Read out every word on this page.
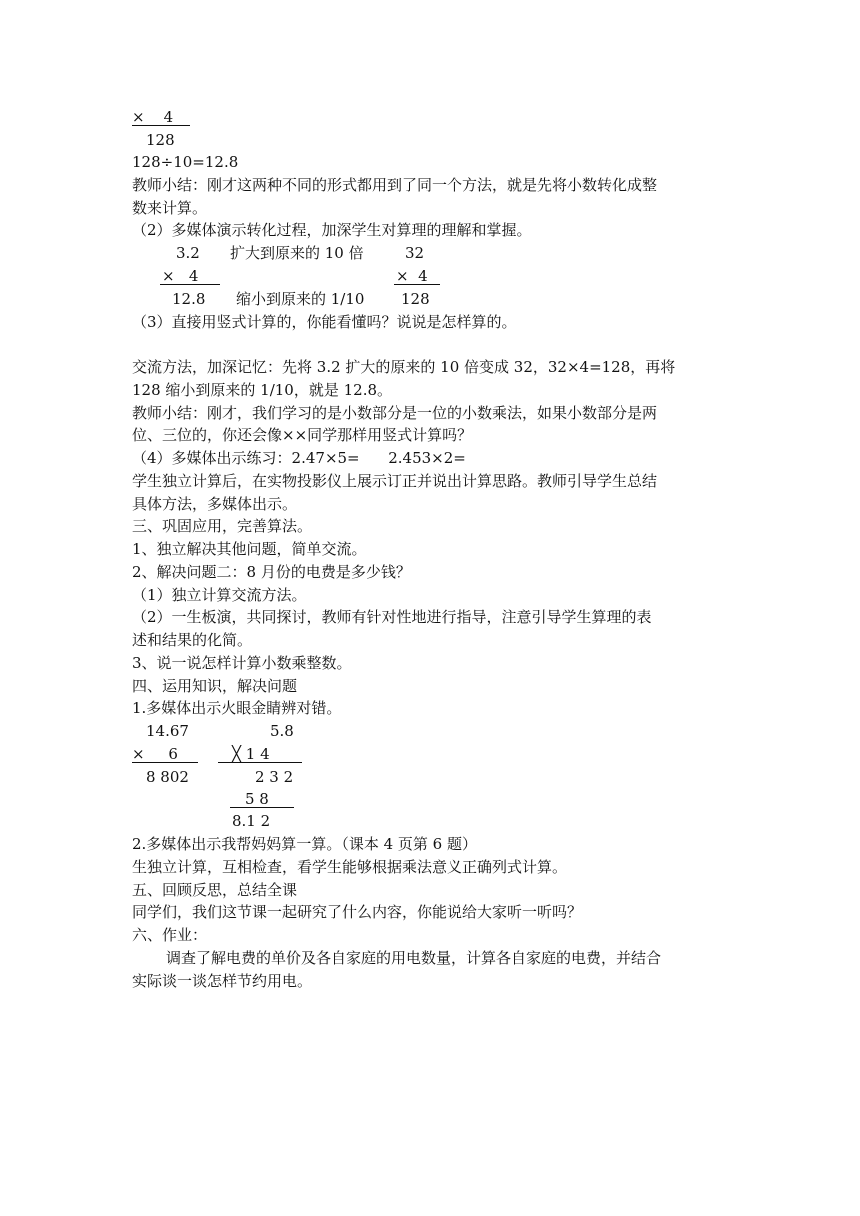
×    4
128
128÷10=12.8
教师小结：刚才这两种不同的形式都用到了同一个方法，就是先将小数转化成整
数来计算。
（2）多媒体演示转化过程，加深学生对算理的理解和掌握。
3.2 扩大到原来的 10 倍	32
×   4	×  4
12.8 缩小到原来的 1/10 128
（3）直接用竖式计算的，你能看懂吗？说说是怎样算的。
交流方法，加深记忆：先将 3.2 扩大的原来的 10 倍变成 32，32×4=128，再将
128 缩小到原来的 1/10，就是 12.8。
教师小结：刚才，我们学习的是小数部分是一位的小数乘法，如果小数部分是两
位、三位的，你还会像××同学那样用竖式计算吗？
（4）多媒体出示练习：2.47×5=      2.453×2=
学生独立计算后，在实物投影仪上展示订正并说出计算思路。教师引导学生总结
具体方法，多媒体出示。
三、巩固应用，完善算法。
1、独立解决其他问题，简单交流。
2、解决问题二：8 月份的电费是多少钱？
（1）独立计算交流方法。
（2）一生板演，共同探讨，教师有针对性地进行指导，注意引导学生算理的表
述和结果的化简。
3、说一说怎样计算小数乘整数。
四、运用知识，解决问题
1.多媒体出示火眼金睛辨对错。
14.67	5.8
×     6	╳ 1 4
8 802	2 3 2
5 8
8.1 2
2.多媒体出示我帮妈妈算一算。（课本 4 页第 6 题）
生独立计算，互相检查，看学生能够根据乘法意义正确列式计算。
五、回顾反思，总结全课
同学们，我们这节课一起研究了什么内容，你能说给大家听一听吗？
六、作业：
调查了解电费的单价及各自家庭的用电数量，计算各自家庭的电费，并结合
实际谈一谈怎样节约用电。
